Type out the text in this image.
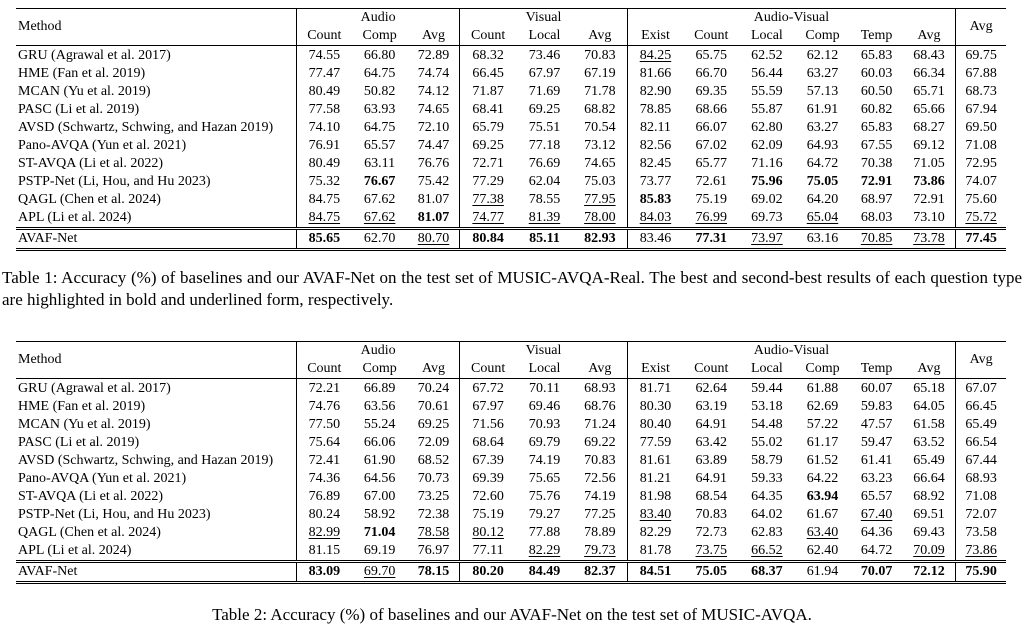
Method	Audio			Visual			Audio-Visual						Avg
	Count	Comp	Avg	Count	Local	Avg	Exist	Count	Local	Comp	Temp	Avg	
GRU (Agrawal et al. 2017)	74.55	66.80	72.89	68.32	73.46	70.83	84.25	65.75	62.52	62.12	65.83	68.43	69.75
HME (Fan et al. 2019)	77.47	64.75	74.74	66.45	67.97	67.19	81.66	66.70	56.44	63.27	60.03	66.34	67.88
MCAN (Yu et al. 2019)	80.49	50.82	74.12	71.87	71.69	71.78	82.90	69.35	55.59	57.13	60.50	65.71	68.73
PASC (Li et al. 2019)	77.58	63.93	74.65	68.41	69.25	68.82	78.85	68.66	55.87	61.91	60.82	65.66	67.94
AVSD (Schwartz, Schwing, and Hazan 2019)	74.10	64.75	72.10	65.79	75.51	70.54	82.11	66.07	62.80	63.27	65.83	68.27	69.50
Pano-AVQA (Yun et al. 2021)	76.91	65.57	74.47	69.25	77.18	73.12	82.56	67.02	62.09	64.93	67.55	69.12	71.08
ST-AVQA (Li et al. 2022)	80.49	63.11	76.76	72.71	76.69	74.65	82.45	65.77	71.16	64.72	70.38	71.05	72.95
PSTP-Net (Li, Hou, and Hu 2023)	75.32	76.67	75.42	77.29	62.04	75.03	73.77	72.61	75.96	75.05	72.91	73.86	74.07
QAGL (Chen et al. 2024)	84.75	67.62	81.07	77.38	78.55	77.95	85.83	75.19	69.02	64.20	68.97	72.91	75.60
APL (Li et al. 2024)	84.75	67.62	81.07	74.77	81.39	78.00	84.03	76.99	69.73	65.04	68.03	73.10	75.72
AVAF-Net	85.65	62.70	80.70	80.84	85.11	82.93	83.46	77.31	73.97	63.16	70.85	73.78	77.45

Table 1: Accuracy (%) of baselines and our AVAF-Net on the test set of MUSIC-AVQA-Real. The best and second-best results of each question type are highlighted in bold and underlined form, respectively.

Method	Audio			Visual			Audio-Visual						Avg
	Count	Comp	Avg	Count	Local	Avg	Exist	Count	Local	Comp	Temp	Avg	
GRU (Agrawal et al. 2017)	72.21	66.89	70.24	67.72	70.11	68.93	81.71	62.64	59.44	61.88	60.07	65.18	67.07
HME (Fan et al. 2019)	74.76	63.56	70.61	67.97	69.46	68.76	80.30	63.19	53.18	62.69	59.83	64.05	66.45
MCAN (Yu et al. 2019)	77.50	55.24	69.25	71.56	70.93	71.24	80.40	64.91	54.48	57.22	47.57	61.58	65.49
PASC (Li et al. 2019)	75.64	66.06	72.09	68.64	69.79	69.22	77.59	63.42	55.02	61.17	59.47	63.52	66.54
AVSD (Schwartz, Schwing, and Hazan 2019)	72.41	61.90	68.52	67.39	74.19	70.83	81.61	63.89	58.79	61.52	61.41	65.49	67.44
Pano-AVQA (Yun et al. 2021)	74.36	64.56	70.73	69.39	75.65	72.56	81.21	64.91	59.33	64.22	63.23	66.64	68.93
ST-AVQA (Li et al. 2022)	76.89	67.00	73.25	72.60	75.76	74.19	81.98	68.54	64.35	63.94	65.57	68.92	71.08
PSTP-Net (Li, Hou, and Hu 2023)	80.24	58.92	72.38	75.19	79.27	77.25	83.40	70.83	64.02	61.67	67.40	69.51	72.07
QAGL (Chen et al. 2024)	82.99	71.04	78.58	80.12	77.88	78.89	82.29	72.73	62.83	63.40	64.36	69.43	73.58
APL (Li et al. 2024)	81.15	69.19	76.97	77.11	82.29	79.73	81.78	73.75	66.52	62.40	64.72	70.09	73.86
AVAF-Net	83.09	69.70	78.15	80.20	84.49	82.37	84.51	75.05	68.37	61.94	70.07	72.12	75.90

Table 2: Accuracy (%) of baselines and our AVAF-Net on the test set of MUSIC-AVQA.
